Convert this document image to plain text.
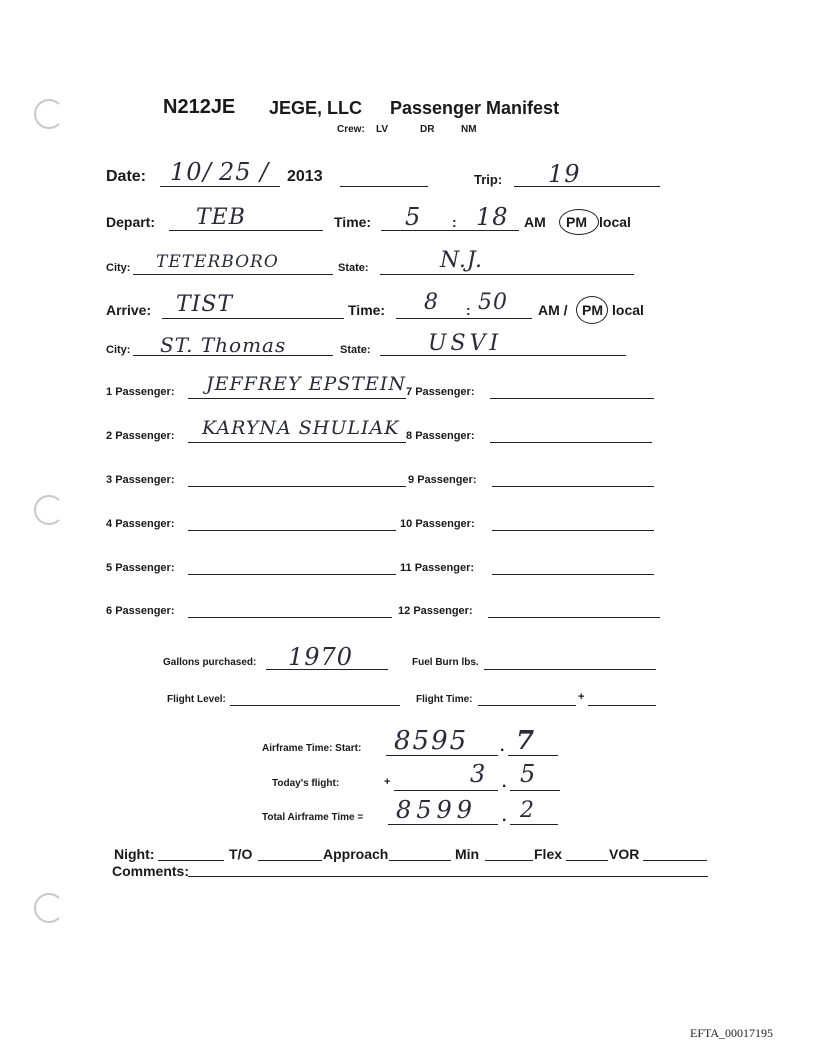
N212JE JEGE, LLC Passenger Manifest
Crew: LV	DR	NM
Date: 10 / 25 / 2013	Trip: 19
Depart: TEB	Time: 5 : 18 AM PM local
City: TETERBORO	State:	N.J.
Arrive: TIST	Time: 8 : 50 AM / PM local
City: ST. Thomas	State:	USVI
1 Passenger: JEFFREY EPSTEIN
2 Passenger: KARYNA SHULIAK
3 Passenger:
4 Passenger:
5 Passenger:
6 Passenger:
7 Passenger:
8 Passenger:
9 Passenger:
10 Passenger:
11 Passenger:
12 Passenger:
Gallons purchased: 1970	Fuel Burn lbs.
Flight Level:	Flight Time:	+
Airframe Time: Start: 8595 . 7
Today's flight:	+	3 . 5
Total Airframe Time = 8599 . 2
Night:	T/O	Approach	Min	Flex	VOR
Comments:
EFTA_00017195
